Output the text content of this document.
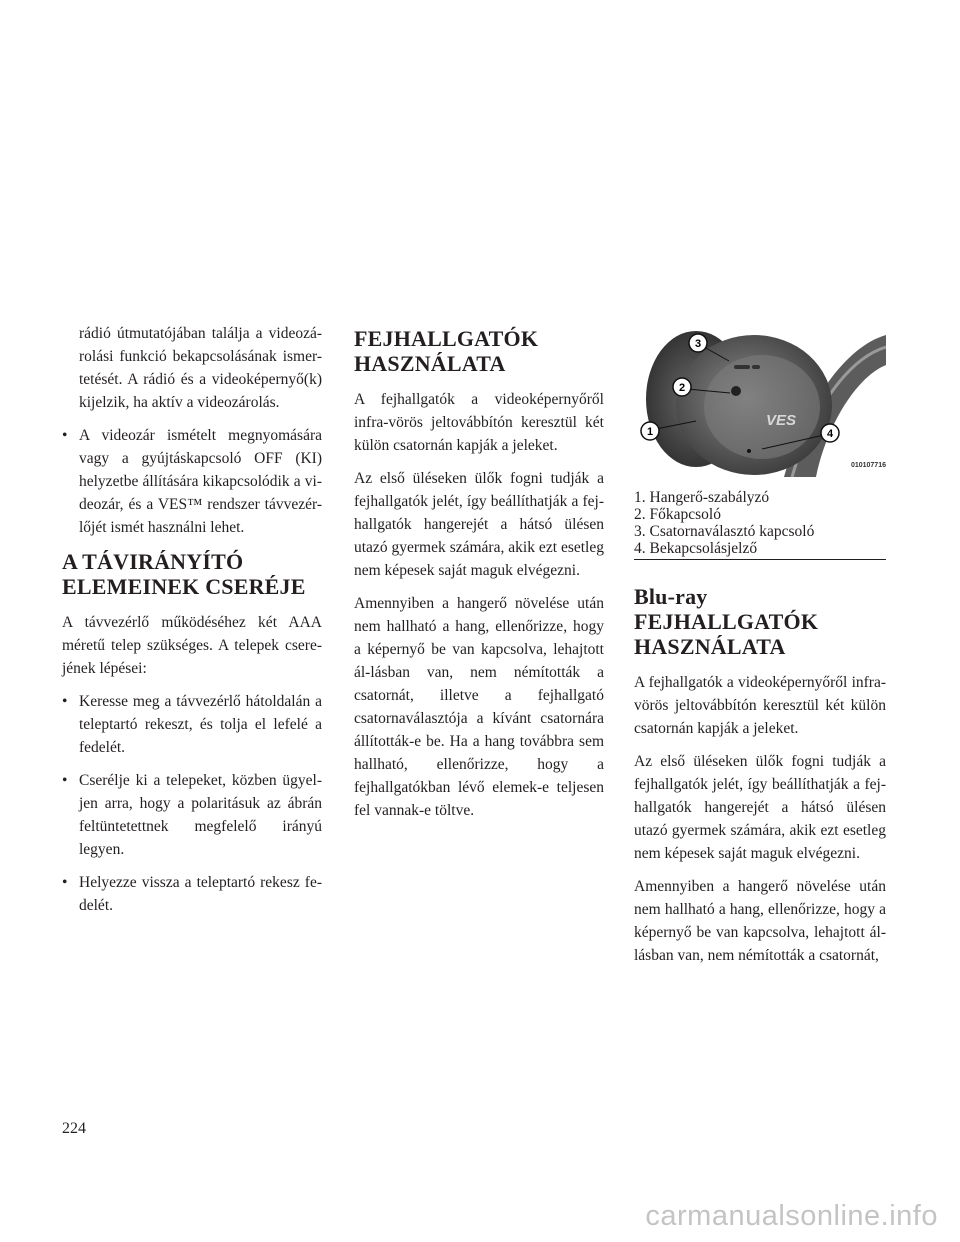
rádió útmutatójában találja a videozá-rolási funkció bekapcsolásának ismer-tetését. A rádió és a videoképernyő(k) kijelzik, ha aktív a videozárolás.
• A videozár ismételt megnyomására vagy a gyújtáskapcsoló OFF (KI) helyzetbe állítására kikapcsolódik a vi-deozár, és a VES™ rendszer távvezér-lőjét ismét használni lehet.
A TÁVIRÁNYÍTÓ ELEMEINEK CSERÉJE

A távvezérlő működéséhez két AAA méretű telep szükséges. A telepek csere-jének lépései:

• Keresse meg a távvezérlő hátoldalán a teleptartó rekeszt, és tolja el lefelé a fedelét.
• Cserélje ki a telepeket, közben ügyel-jen arra, hogy a polaritásuk az ábrán feltüntetettnek megfelelő irányú legyen.
• Helyezze vissza a teleptartó rekesz fe-delét.
FEJHALLGATÓK HASZNÁLATA

A fejhallgatók a videoképernyőről infra-vörös jeltovábbítón keresztül két külön csatornán kapják a jeleket.

Az első üléseken ülők fogni tudják a fejhallgatók jelét, így beállíthatják a fej-hallgatók hangerejét a hátsó ülésen utazó gyermek számára, akik ezt esetleg nem képesek saját maguk elvégezni.

Amennyiben a hangerő növelése után nem hallható a hang, ellenőrizze, hogy a képernyő be van kapcsolva, lehajtott ál-lásban van, nem némították a csatornát, illetve a fejhallgató csatornaválasztója a kívánt csatornára állították-e be. Ha a hang továbbra sem hallható, ellenőrizze, hogy a fejhallgatókban lévő elemek-e teljesen fel vannak-e töltve.

VES
3
2
1	4
010107716
1. Hangerő-szabályzó
2. Főkapcsoló
3. Csatornaválasztó kapcsoló
4. Bekapcsolásjelző
Blu-ray FEJHALLGATÓK HASZNÁLATA

A fejhallgatók a videoképernyőről infra-vörös jeltovábbítón keresztül két külön csatornán kapják a jeleket.

Az első üléseken ülők fogni tudják a fejhallgatók jelét, így beállíthatják a fej-hallgatók hangerejét a hátsó ülésen utazó gyermek számára, akik ezt esetleg nem képesek saját maguk elvégezni.

Amennyiben a hangerő növelése után nem hallható a hang, ellenőrizze, hogy a képernyő be van kapcsolva, lehajtott ál-lásban van, nem némították a csatornát,

224
carmanualsonline.info
